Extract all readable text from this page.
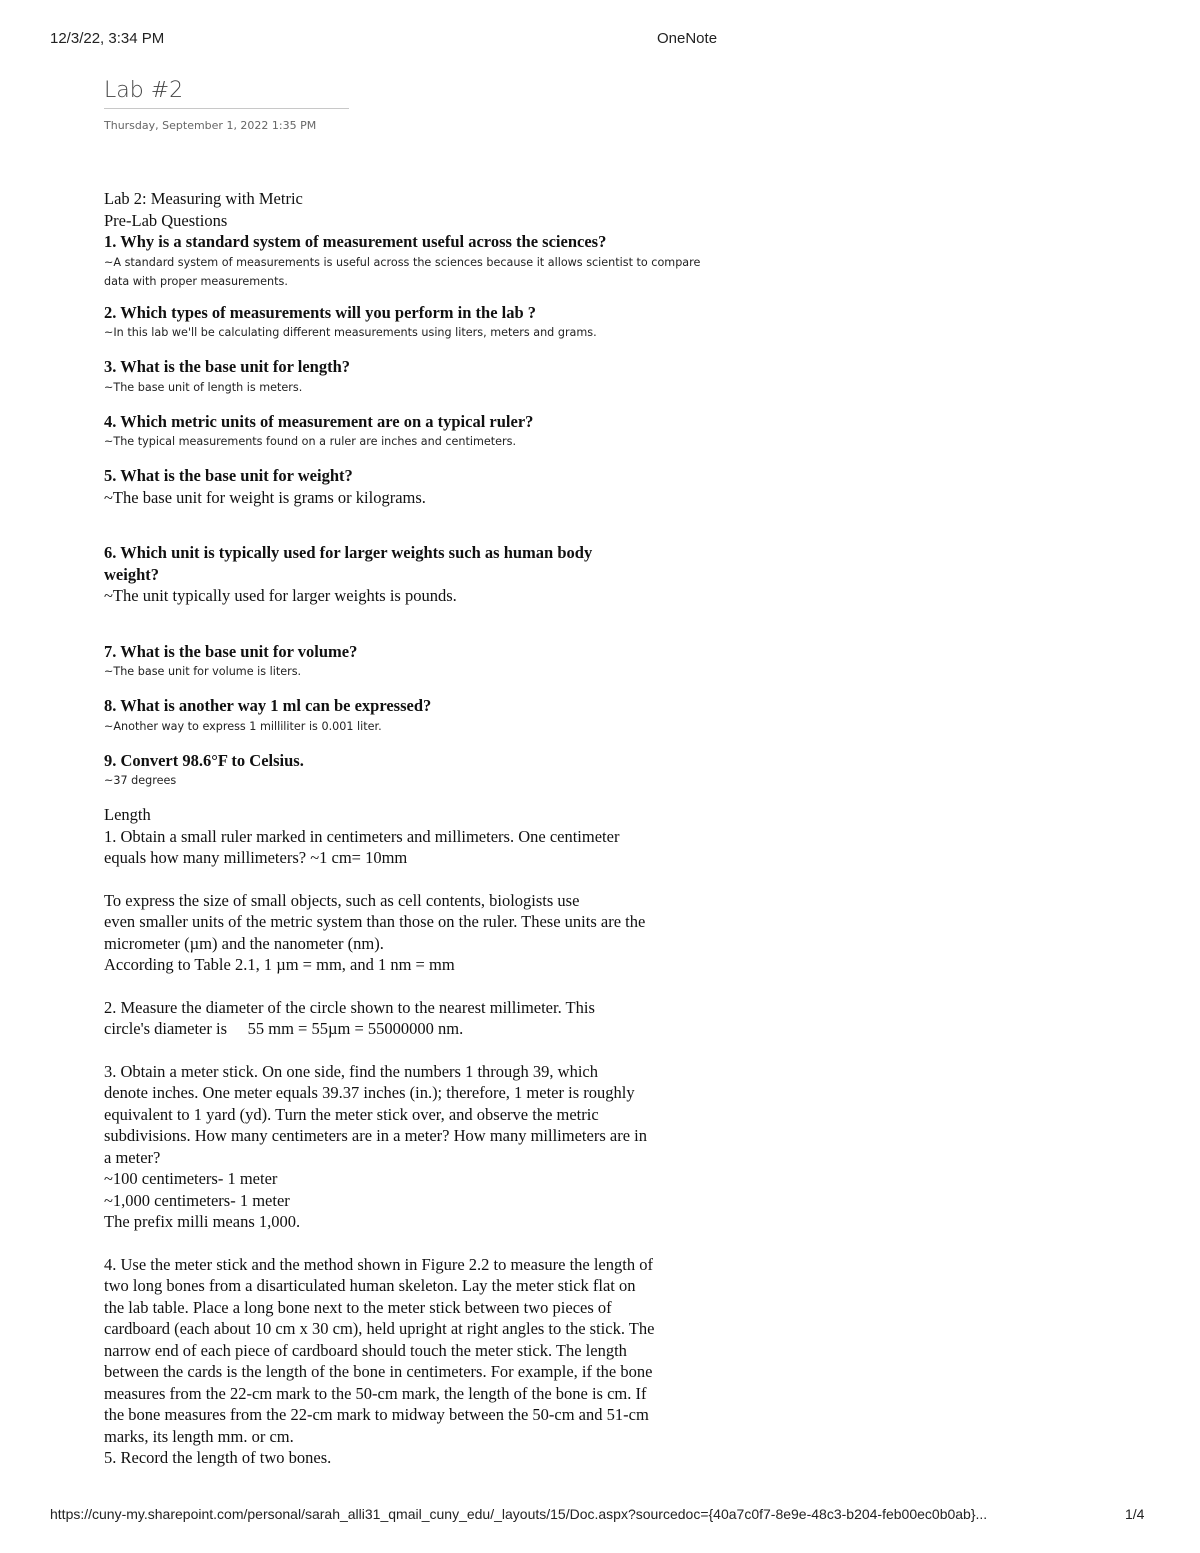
12/3/22, 3:34 PM	OneNote
Lab #2
Thursday, September 1, 2022 1:35 PM

Lab 2: Measuring with Metric

Pre-Lab Questions

1. Why is a standard system of measurement useful across the sciences?

~A standard system of measurements is useful across the sciences because it allows scientist to compare
data with proper measurements.

2. Which types of measurements will you perform in the lab ?

~In this lab we'll be calculating different measurements using liters, meters and grams.

3. What is the base unit for length?

~The base unit of length is meters.

4. Which metric units of measurement are on a typical ruler?

~The typical measurements found on a ruler are inches and centimeters.

5. What is the base unit for weight?

~The base unit for weight is grams or kilograms.

6. Which unit is typically used for larger weights such as human body

weight?

~The unit typically used for larger weights is pounds.

7. What is the base unit for volume?

~The base unit for volume is liters.

8. What is another way 1 ml can be expressed?

~Another way to express 1 milliliter is 0.001 liter.

9. Convert 98.6°F to Celsius.

~37 degrees

Length

1. Obtain a small ruler marked in centimeters and millimeters. One centimeter

equals how many millimeters? ~1 cm= 10mm

To express the size of small objects, such as cell contents, biologists use

even smaller units of the metric system than those on the ruler. These units are the

micrometer (µm) and the nanometer (nm).

According to Table 2.1, 1 µm = mm, and 1 nm = mm

2. Measure the diameter of the circle shown to the nearest millimeter. This

circle's diameter is     55 mm = 55µm = 55000000 nm.

3. Obtain a meter stick. On one side, find the numbers 1 through 39, which

denote inches. One meter equals 39.37 inches (in.); therefore, 1 meter is roughly

equivalent to 1 yard (yd). Turn the meter stick over, and observe the metric

subdivisions. How many centimeters are in a meter? How many millimeters are in

a meter?

~100 centimeters- 1 meter

~1,000 centimeters- 1 meter

The prefix milli means 1,000.

4. Use the meter stick and the method shown in Figure 2.2 to measure the length of

two long bones from a disarticulated human skeleton. Lay the meter stick flat on

the lab table. Place a long bone next to the meter stick between two pieces of

cardboard (each about 10 cm x 30 cm), held upright at right angles to the stick. The

narrow end of each piece of cardboard should touch the meter stick. The length

between the cards is the length of the bone in centimeters. For example, if the bone

measures from the 22-cm mark to the 50-cm mark, the length of the bone is cm. If

the bone measures from the 22-cm mark to midway between the 50-cm and 51-cm

marks, its length mm. or cm.

5. Record the length of two bones.

https://cuny-my.sharepoint.com/personal/sarah_alli31_qmail_cuny_edu/_layouts/15/Doc.aspx?sourcedoc={40a7c0f7-8e9e-48c3-b204-feb00ec0b0ab}...	1/4
